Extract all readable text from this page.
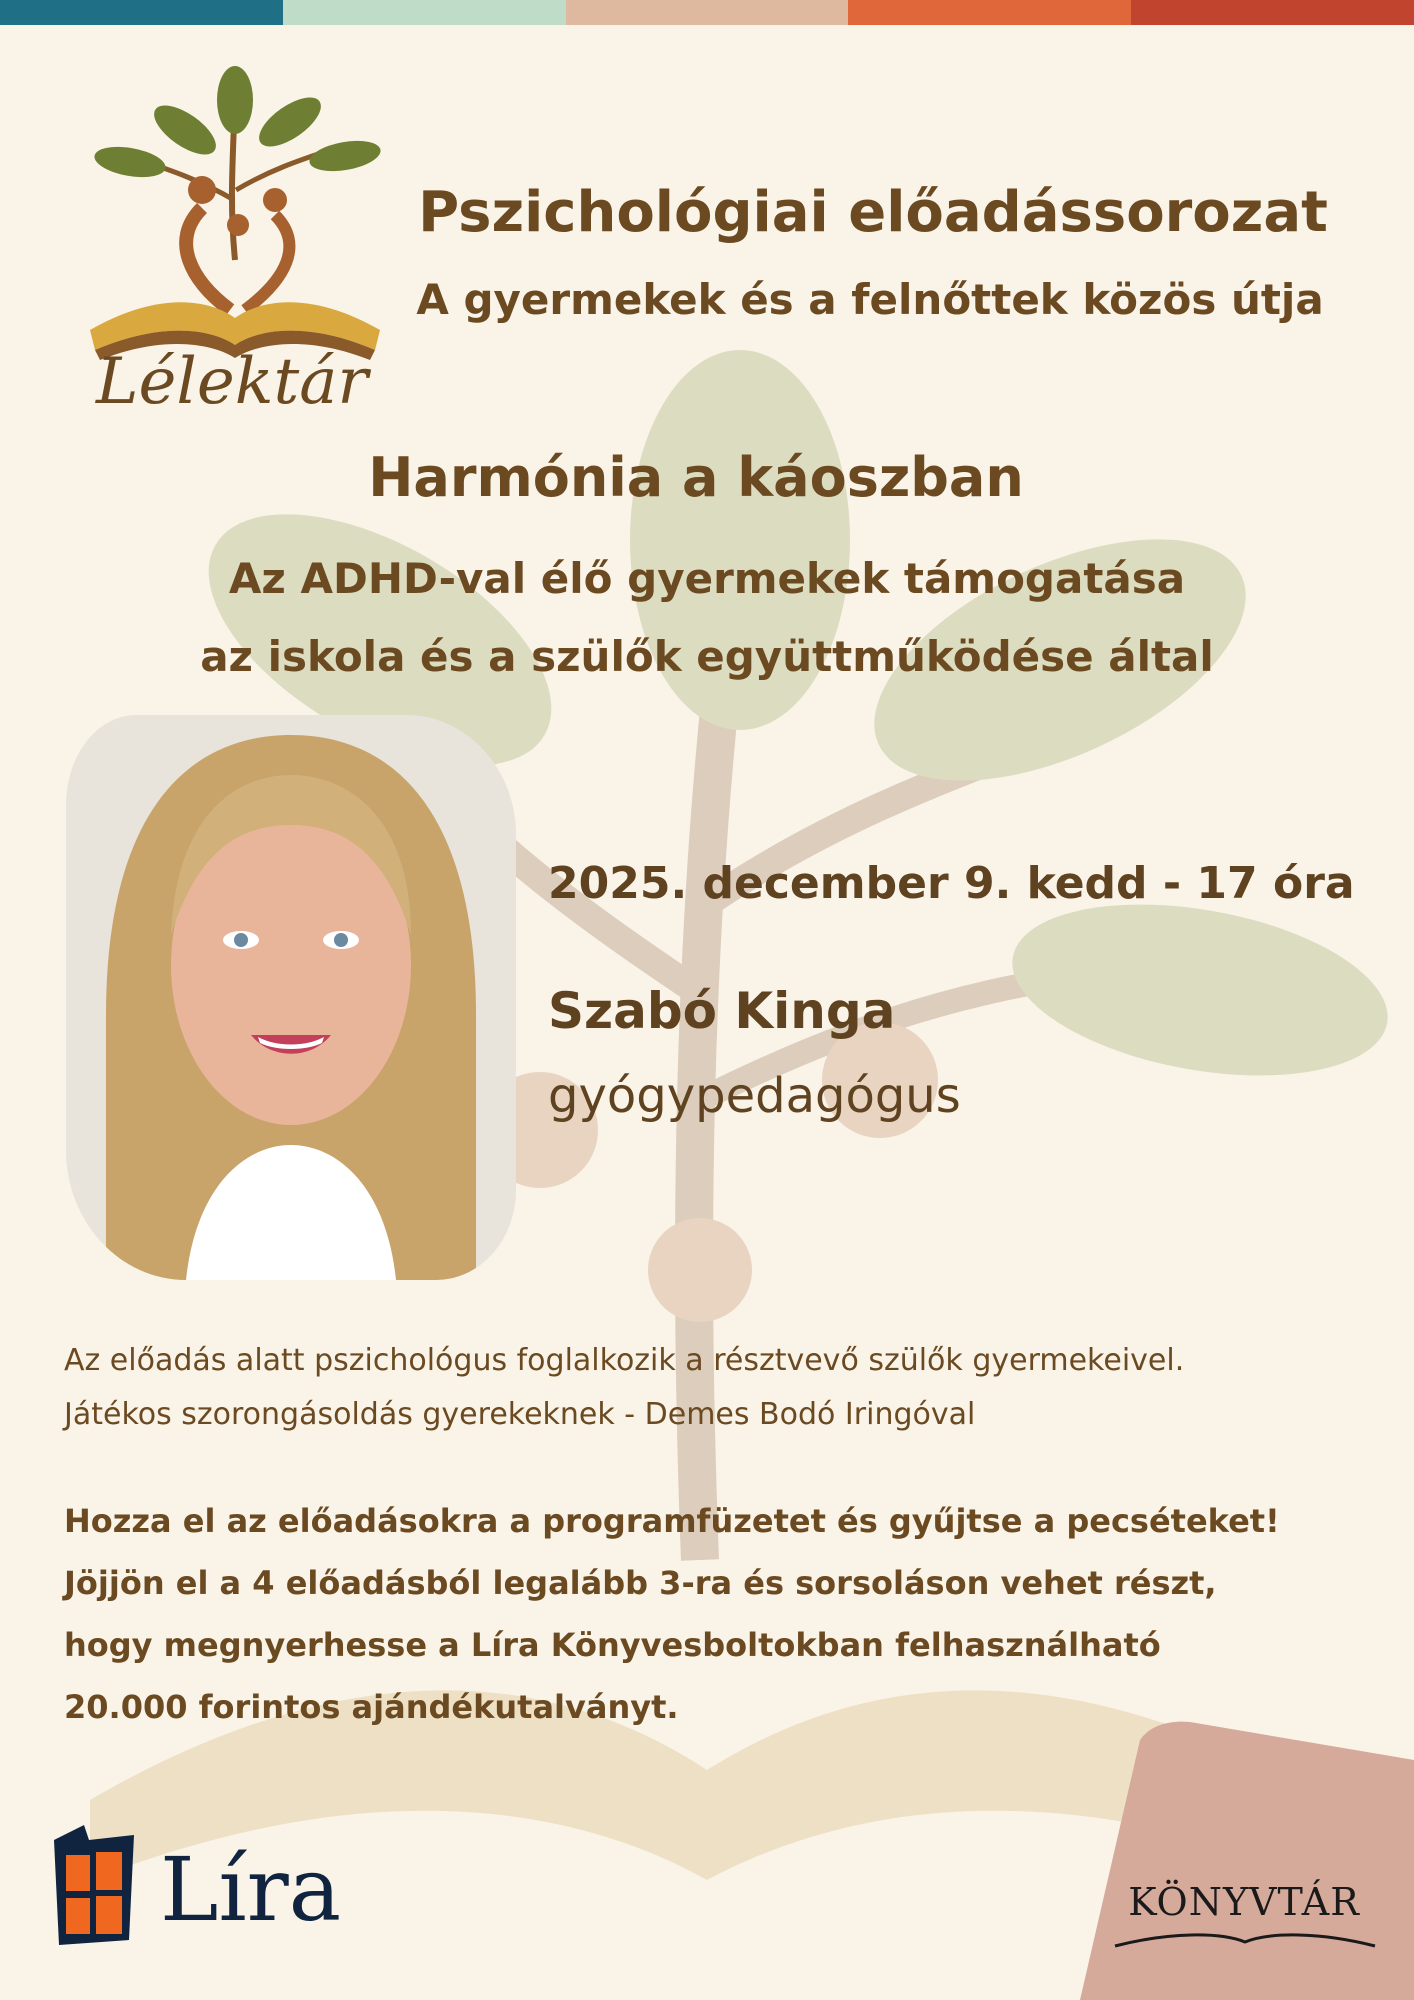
Lélektár
Pszichológiai előadássorozat
A gyermekek és a felnőttek közös útja
Harmónia a káoszban
Az ADHD-val élő gyermekek támogatása
az iskola és a szülők együttműködése által
2025. december 9. kedd - 17 óra
Szabó Kinga
gyógypedagógus
Az előadás alatt pszichológus foglalkozik a résztvevő szülők gyermekeivel.
Játékos szorongásoldás gyerekeknek - Demes Bodó Iringóval
Hozza el az előadásokra a programfüzetet és gyűjtse a pecséteket!
Jöjjön el a 4 előadásból legalább 3-ra és sorsoláson vehet részt,
hogy megnyerhesse a Líra Könyvesboltokban felhasználható
20.000 forintos ajándékutalványt.
Líra	KÖNYVTÁR
